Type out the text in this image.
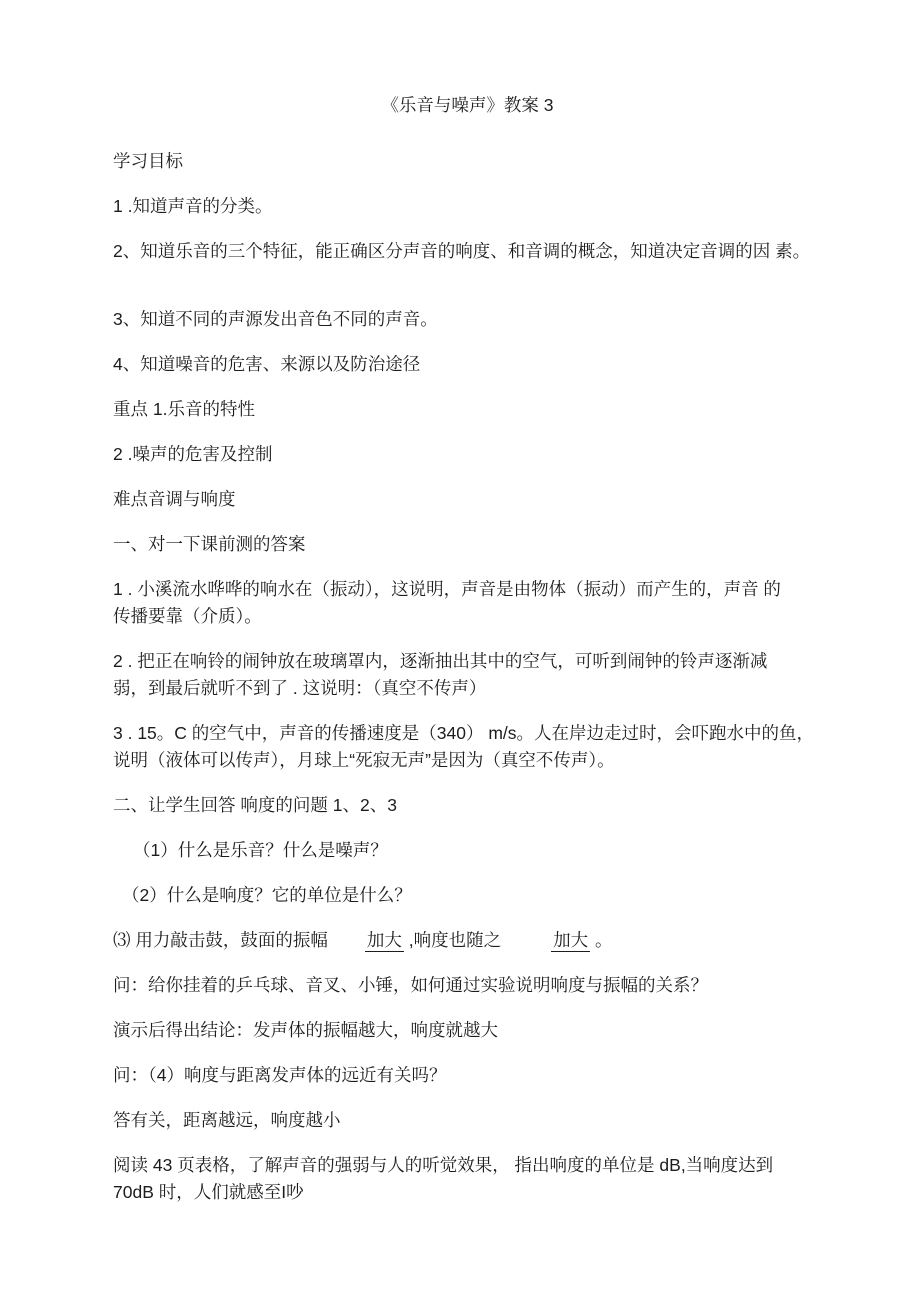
《乐音与噪声》教案 3
学习目标
1 .知道声音的分类。
2、知道乐音的三个特征，能正确区分声音的响度、和音调的概念，知道决定音调的因 素。
3、知道不同的声源发出音色不同的声音。
4、知道噪音的危害、来源以及防治途径
重点 1.乐音的特性
2 .噪声的危害及控制
难点音调与响度
一、对一下课前测的答案
1 . 小溪流水哗哗的响水在（振动），这说明，声音是由物体（振动）而产生的，声音 的
传播要靠（介质）。
2 . 把正在响铃的闹钟放在玻璃罩内，逐渐抽出其中的空气，可听到闹钟的铃声逐渐减
弱，到最后就听不到了 . 这说明：（真空不传声）
3 . 15。C 的空气中，声音的传播速度是（340） m/s。人在岸边走过时，会吓跑水中的鱼，
说明（液体可以传声），月球上“死寂无声”是因为（真空不传声）。
二、让学生回答 响度的问题 1、2、3
（1）什么是乐音？什么是噪声？
（2）什么是响度？它的单位是什么？
⑶ 用力敲击鼓，鼓面的振幅 加大 ,响度也随之	加大 。
问：给你挂着的乒乓球、音叉、小锤，如何通过实验说明响度与振幅的关系？
演示后得出结论：发声体的振幅越大，响度就越大
问：（4）响度与距离发声体的远近有关吗？
答有关，距离越远，响度越小
阅读 43 页表格，了解声音的强弱与人的听觉效果， 指出响度的单位是 dB,当响度达到
70dB 时，人们就感至I吵
